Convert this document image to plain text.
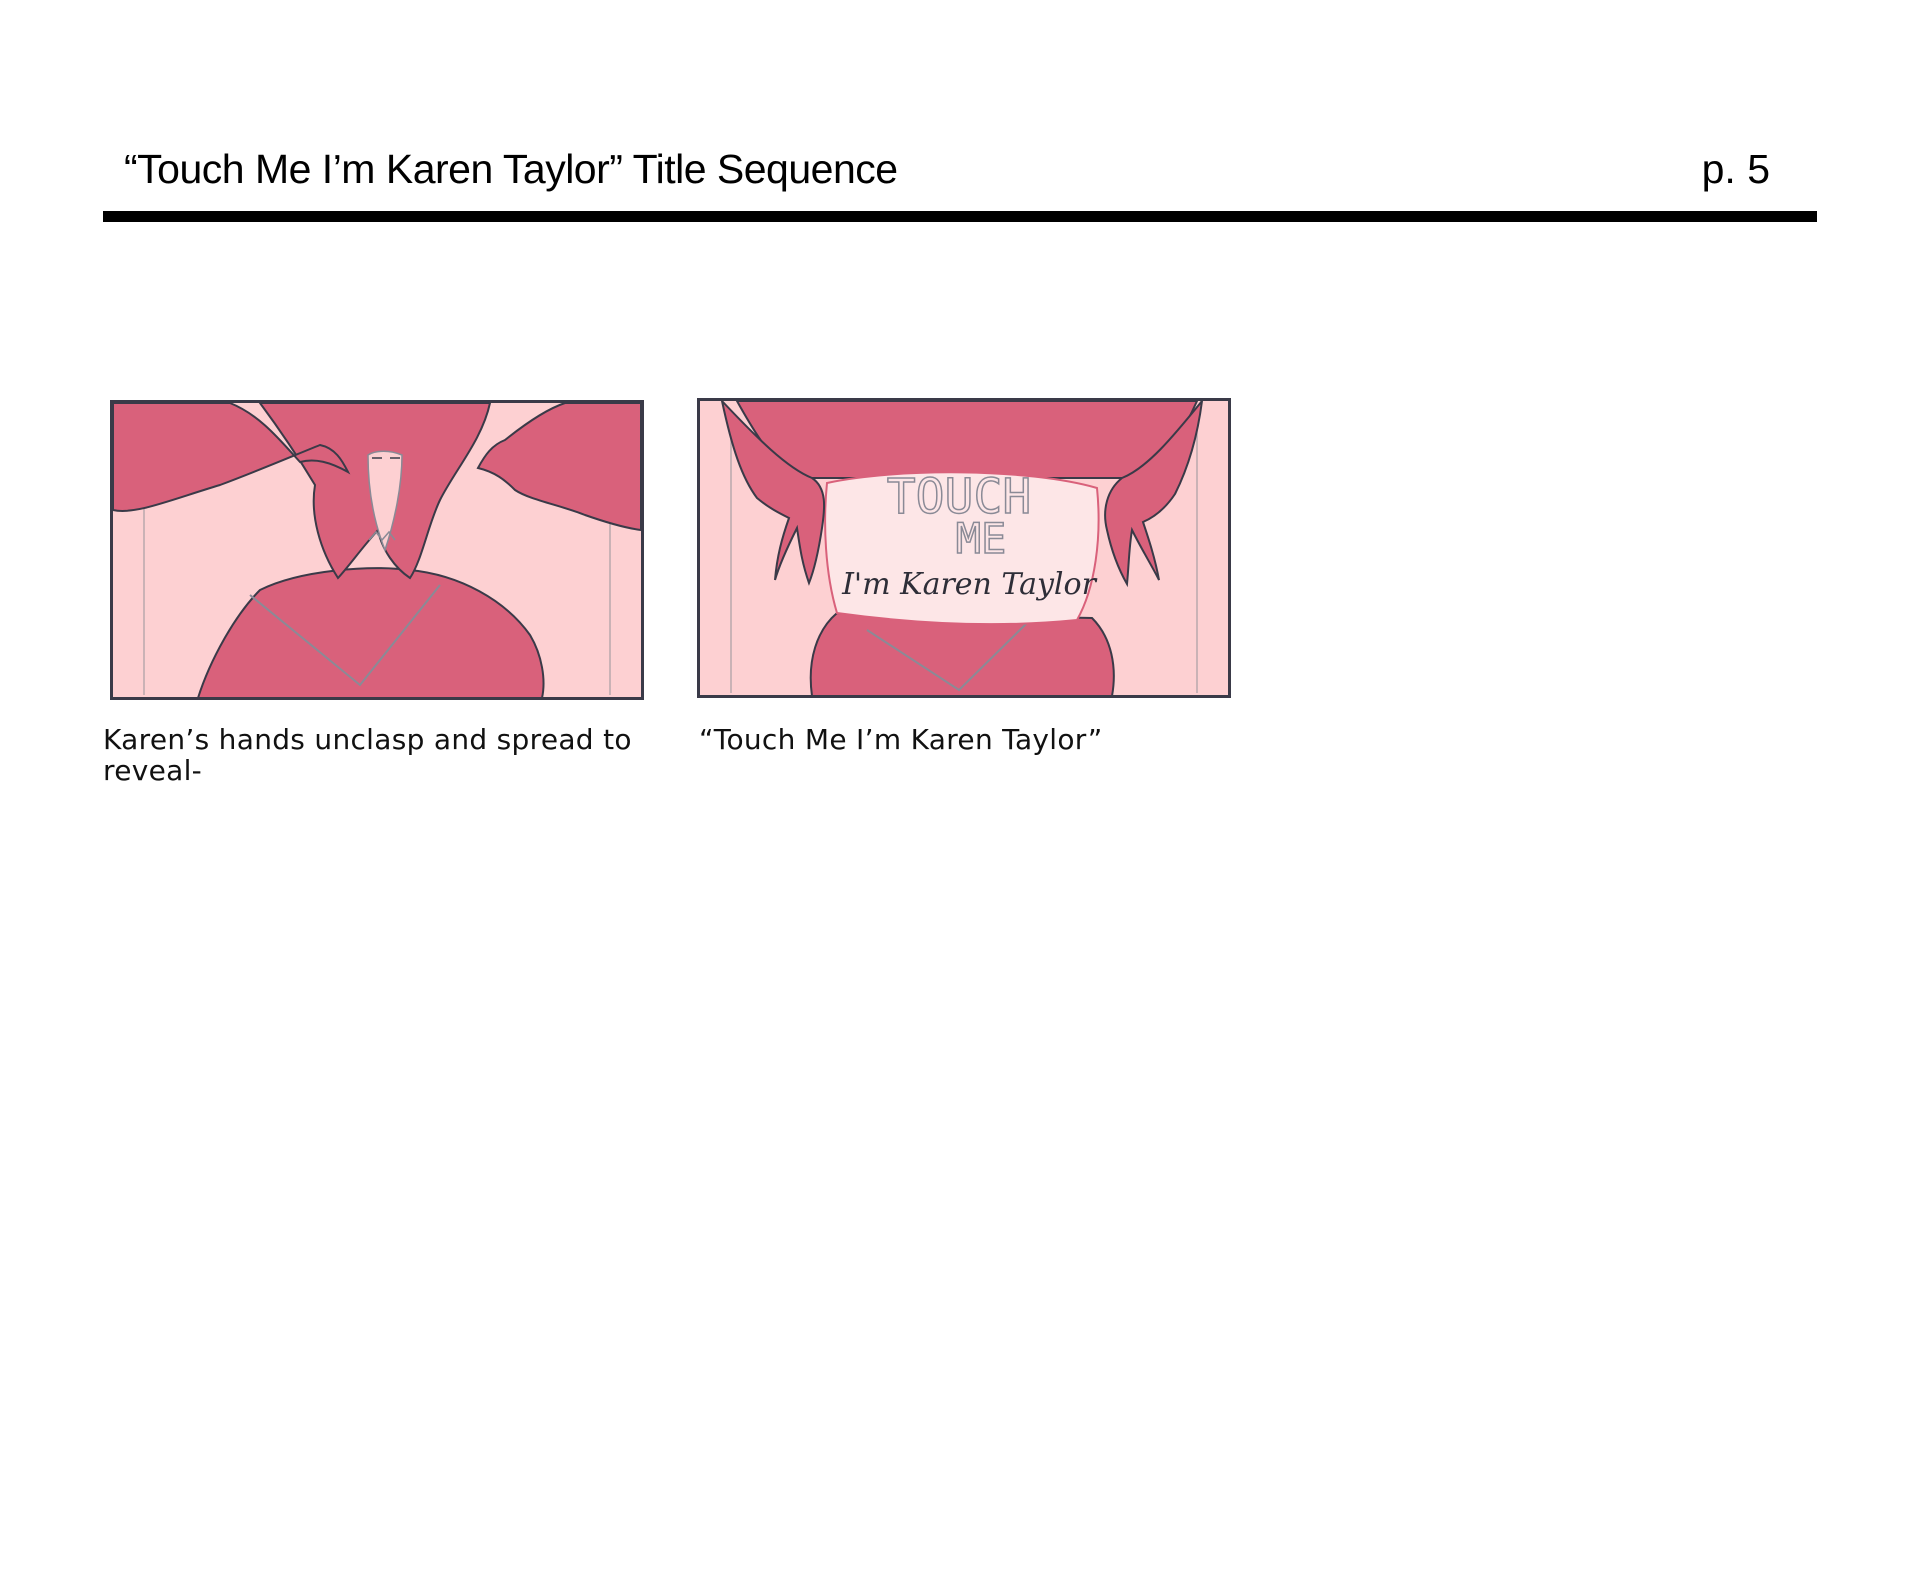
“Touch Me I’m Karen Taylor” Title Sequence	p. 5
TOUCH
ME
I'm Karen Taylor
Karen’s hands unclasp and spread to reveal-
“Touch Me I’m Karen Taylor”
